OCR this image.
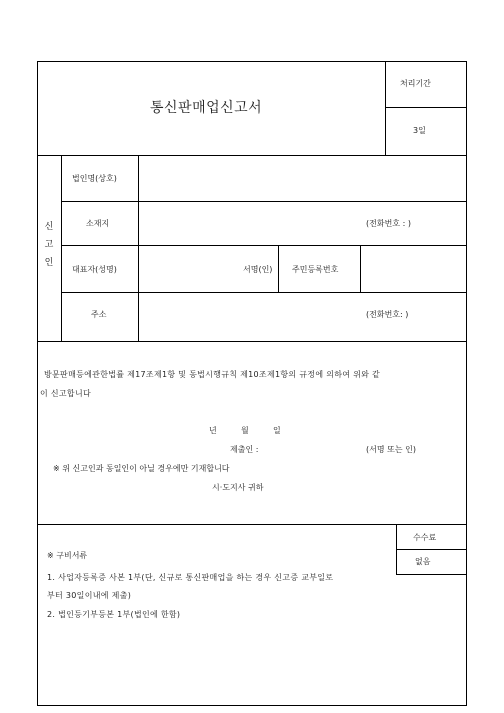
통신판매업신고서
처리기간
3일
신
고
인
법인명(상호)
소재지	(전화번호 : )
대표자(성명)	서명(인) 주민등록번호
주소	(전화번호: )
방문판매등에관한법률 제17조제1항 및 동법시행규칙 제10조제1항의 규정에 의하여 위와 같
이 신고합니다
년	월	일
제출인 :	(서명 또는 인)
※ 위 신고인과 동일인이 아닐 경우에만 기재합니다
시·도지사 귀하
수수료
없음
※ 구비서류
1. 사업자등록증 사본 1부(단, 신규로 통신판매업을 하는 경우 신고증 교부일로
부터 30일이내에 제출)
2. 법인등기부등본 1부(법인에 한함)
